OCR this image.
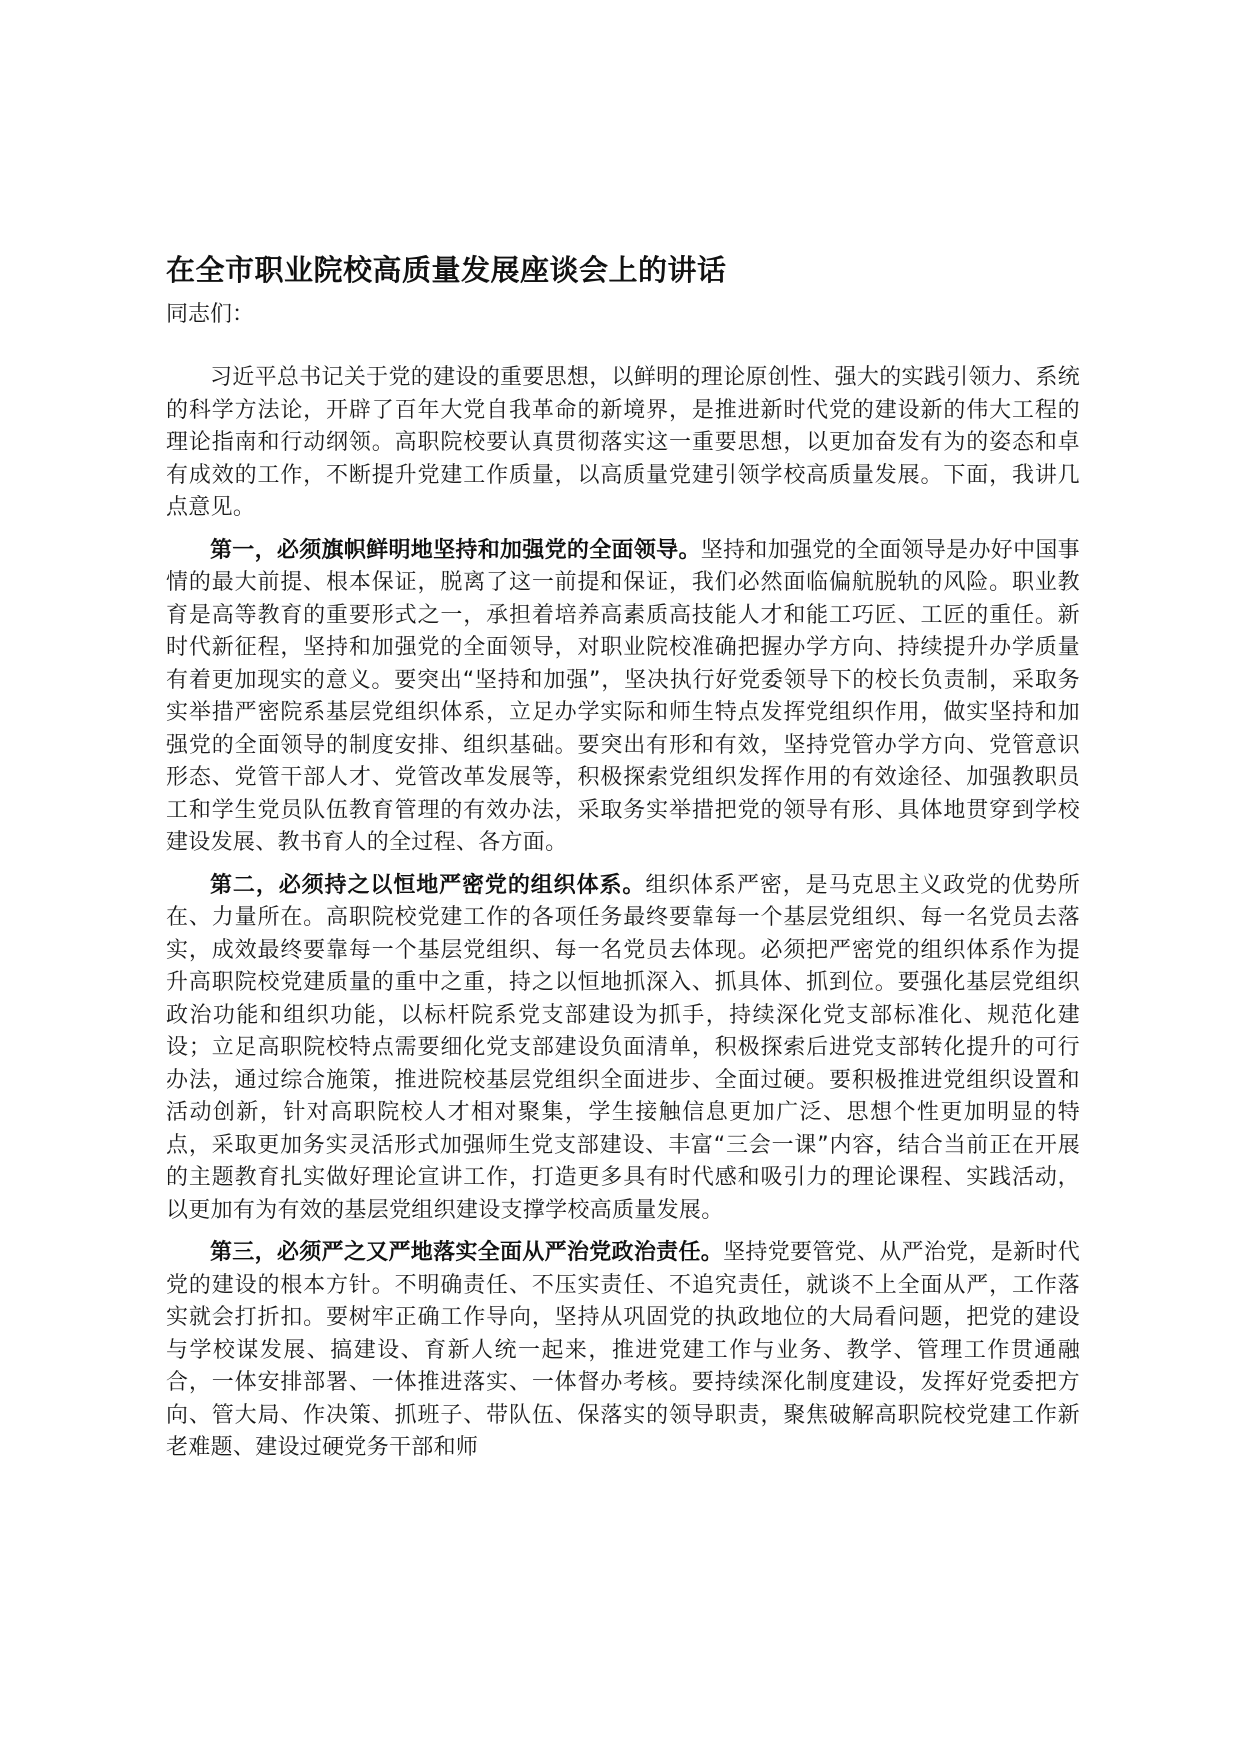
在全市职业院校高质量发展座谈会上的讲话

同志们：

习近平总书记关于党的建设的重要思想，以鲜明的理论原创性、强大的实践引领力、系统的科学方法论，开辟了百年大党自我革命的新境界，是推进新时代党的建设新的伟大工程的理论指南和行动纲领。高职院校要认真贯彻落实这一重要思想，以更加奋发有为的姿态和卓有成效的工作，不断提升党建工作质量，以高质量党建引领学校高质量发展。下面，我讲几点意见。

第一，必须旗帜鲜明地坚持和加强党的全面领导。坚持和加强党的全面领导是办好中国事情的最大前提、根本保证，脱离了这一前提和保证，我们必然面临偏航脱轨的风险。职业教育是高等教育的重要形式之一，承担着培养高素质高技能人才和能工巧匠、工匠的重任。新时代新征程，坚持和加强党的全面领导，对职业院校准确把握办学方向、持续提升办学质量有着更加现实的意义。要突出“坚持和加强”，坚决执行好党委领导下的校长负责制，采取务实举措严密院系基层党组织体系，立足办学实际和师生特点发挥党组织作用，做实坚持和加强党的全面领导的制度安排、组织基础。要突出有形和有效，坚持党管办学方向、党管意识形态、党管干部人才、党管改革发展等，积极探索党组织发挥作用的有效途径、加强教职员工和学生党员队伍教育管理的有效办法，采取务实举措把党的领导有形、具体地贯穿到学校建设发展、教书育人的全过程、各方面。

第二，必须持之以恒地严密党的组织体系。组织体系严密，是马克思主义政党的优势所在、力量所在。高职院校党建工作的各项任务最终要靠每一个基层党组织、每一名党员去落实，成效最终要靠每一个基层党组织、每一名党员去体现。必须把严密党的组织体系作为提升高职院校党建质量的重中之重，持之以恒地抓深入、抓具体、抓到位。要强化基层党组织政治功能和组织功能，以标杆院系党支部建设为抓手，持续深化党支部标准化、规范化建设；立足高职院校特点需要细化党支部建设负面清单，积极探索后进党支部转化提升的可行办法，通过综合施策，推进院校基层党组织全面进步、全面过硬。要积极推进党组织设置和活动创新，针对高职院校人才相对聚集，学生接触信息更加广泛、思想个性更加明显的特点，采取更加务实灵活形式加强师生党支部建设、丰富“三会一课”内容，结合当前正在开展的主题教育扎实做好理论宣讲工作，打造更多具有时代感和吸引力的理论课程、实践活动，以更加有为有效的基层党组织建设支撑学校高质量发展。

第三，必须严之又严地落实全面从严治党政治责任。坚持党要管党、从严治党，是新时代党的建设的根本方针。不明确责任、不压实责任、不追究责任，就谈不上全面从严，工作落实就会打折扣。要树牢正确工作导向，坚持从巩固党的执政地位的大局看问题，把党的建设与学校谋发展、搞建设、育新人统一起来，推进党建工作与业务、教学、管理工作贯通融合，一体安排部署、一体推进落实、一体督办考核。要持续深化制度建设，发挥好党委把方向、管大局、作决策、抓班子、带队伍、保落实的领导职责，聚焦破解高职院校党建工作新老难题、建设过硬党务干部和师
